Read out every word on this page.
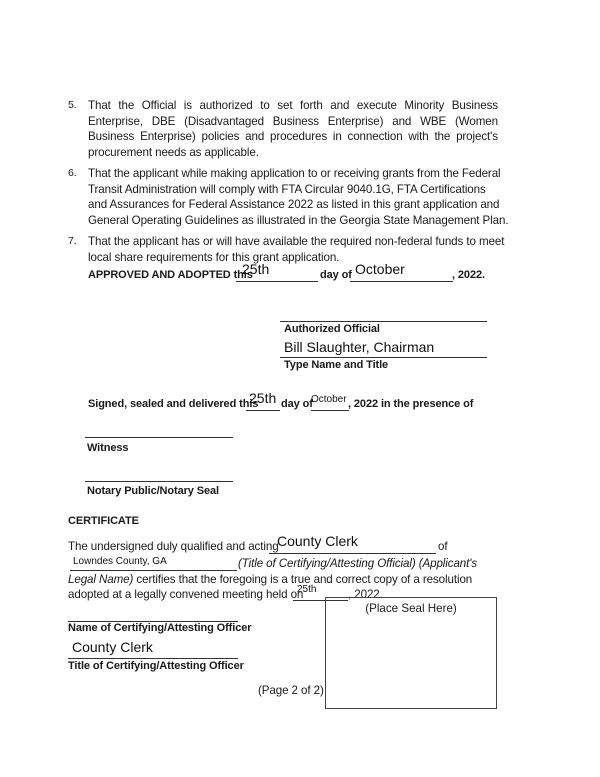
5. That the Official is authorized to set forth and execute Minority Business
Enterprise, DBE (Disadvantaged Business Enterprise) and WBE (Women
Business Enterprise) policies and procedures in connection with the project's
procurement needs as applicable.
6. That the applicant while making application to or receiving grants from the Federal
Transit Administration will comply with FTA Circular 9040.1G, FTA Certifications
and Assurances for Federal Assistance 2022 as listed in this grant application and
General Operating Guidelines as illustrated in the Georgia State Management Plan.
7. That the applicant has or will have available the required non-federal funds to meet
local share requirements for this grant application.
APPROVED AND ADOPTED this
25th	day of October	, 2022.
Authorized Official
Bill Slaughter, Chairman
Type Name and Title
Signed, sealed and delivered this
25th day of
October , 2022 in the presence of
Witness
Notary Public/Notary Seal
CERTIFICATE
The undersigned duly qualified and acting
County Clerk	of
Lowndes County, GA	(Title of Certifying/Attesting Official) (Applicant's
Legal Name) certifies that the foregoing is a true and correct copy of a resolution
adopted at a legally convened meeting held on
25th	, 2022.
Name of Certifying/Attesting Officer
County Clerk
Title of Certifying/Attesting Officer
(Place Seal Here)
(Page 2 of 2)
